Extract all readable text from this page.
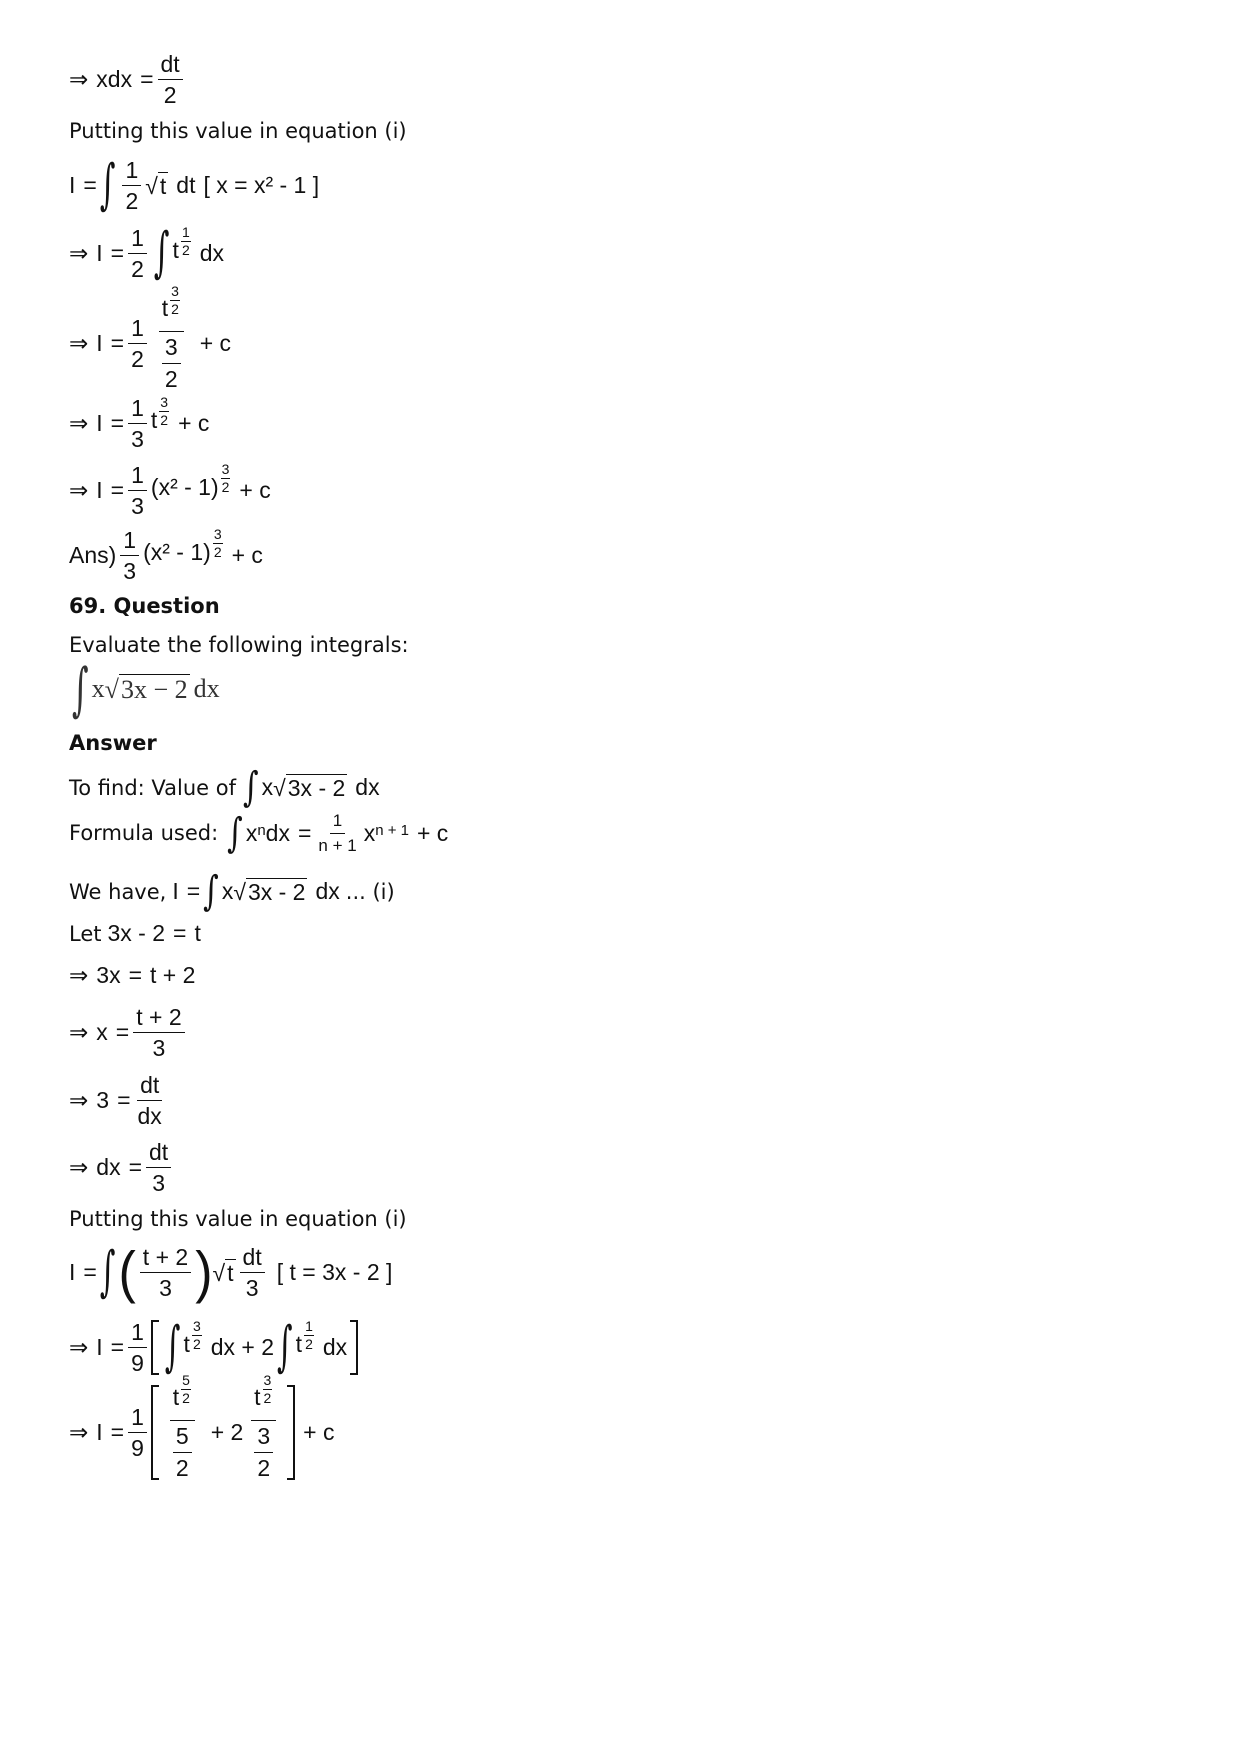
⇒ xdx = $\frac{dt}{2}$
Putting this value in equation (i)
I = ∫ $\frac{1}{2}$ √ t dt [ x = x² - 1 ]
⇒ $I = \frac{1}{2}$ ∫ t $\frac{1}{2}$ dx
⇒ $I = \frac{1}{2} \frac{t \frac{3}{2}}{\frac{3}{2}} + c$
⇒ $I = \frac{1}{3}$ t $\frac{3}{2} + c$
⇒ $I = \frac{1}{3} (x^2 - 1) \frac{3}{2} + c$
$Ans) \frac{1}{3} (x^2 - 1) \frac{3}{2} + c$
69. Question
Evaluate the following integrals:
∫ x √ 3x − 2 dx
Answer
To find: Value of ∫ x √ 3x - 2 dx
Formula used: ∫ $x^n$ dx = $\frac{1}{n + 1} x^{n + 1} + c$
We have, I = ∫ x √ 3x - 2 dx ... (i)
Let 3x - 2 = t
⇒ 3x = t + 2
⇒ $x = \frac{t + 2}{3}$
⇒ $3 = \frac{dt}{dx}$
⇒ dx = $\frac{dt}{3}$
Putting this value in equation (i)
I = ∫ ( $\frac{t + 2}{3}$ ) √ t $\frac{dt}{3}$ [ t = 3x - 2 ]
⇒ $I = \frac{1}{9}$ ∫ t $\frac{3}{2}$ dx + 2 ∫ t $\frac{1}{2}$ dx
⇒ $I = \frac{1}{9} \frac{t \frac{5}{2}}{\frac{5}{2}} + 2 \frac{t \frac{3}{2}}{\frac{3}{2}} + c$
